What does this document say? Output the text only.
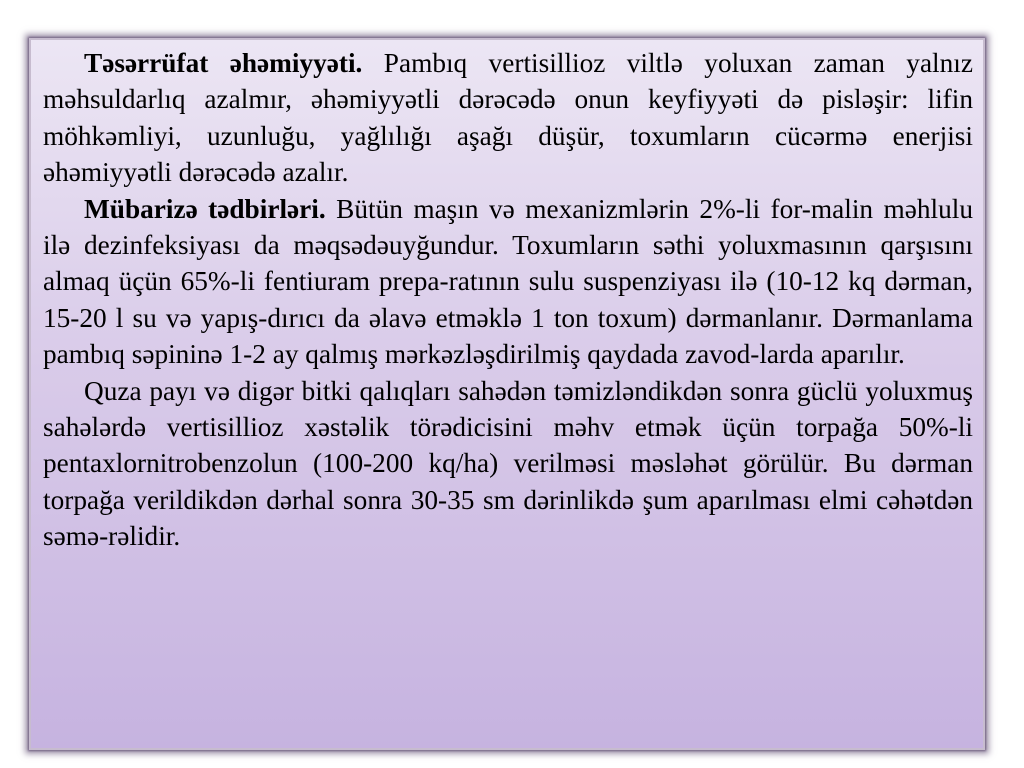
Təsərrüfat əhəmiyyəti. Pambıq vertisillioz viltlə yoluxan zaman yalnız məhsuldarlıq azalmır, əhəmiyyətli dərəcədə onun keyfiyyəti də pisləşir: lifin möhkəmliyi, uzunluğu, yağlılığı aşağı düşür, toxumların cücərmə enerjisi əhəmiyyətli dərəcədə azalır.

Mübarizə tədbirləri. Bütün maşın və mexanizmlərin 2%-li for-malin məhlulu ilə dezinfeksiyası da məqsədəuyğundur. Toxumların səthi yoluxmasının qarşısını almaq üçün 65%-li fentiuram prepa-ratının sulu suspenziyası ilə (10-12 kq dərman, 15-20 l su və yapış-dırıcı da əlavə etməklə 1 ton toxum) dərmanlanır. Dərmanlama pambıq səpininə 1-2 ay qalmış mərkəzləşdirilmiş qaydada zavod-larda aparılır.

Quza payı və digər bitki qalıqları sahədən təmizləndikdən sonra güclü yoluxmuş sahələrdə vertisillioz xəstəlik törədicisini məhv etmək üçün torpağa 50%-li pentaxlornitrobenzolun (100-200 kq/ha) verilməsi məsləhət görülür. Bu dərman torpağa verildikdən dərhal sonra 30-35 sm dərinlikdə şum aparılması elmi cəhətdən səmə-rəlidir.
